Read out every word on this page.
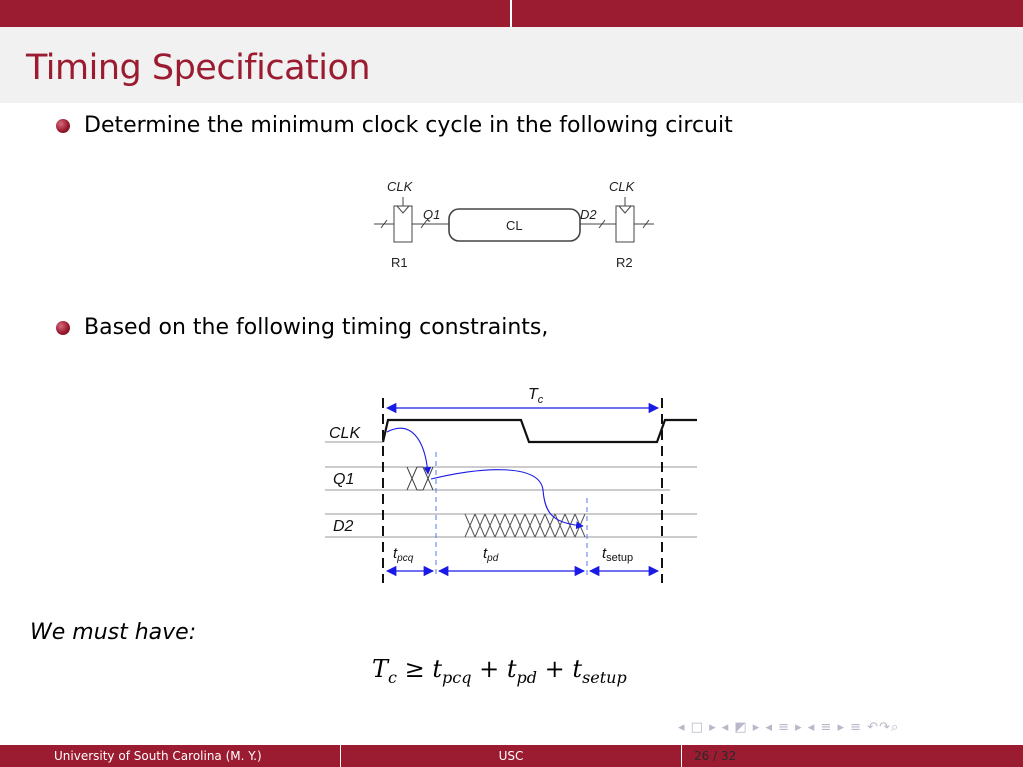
Timing Specification
Determine the minimum clock cycle in the following circuit
CLK	CLK
Q1	D2
CL
R1	R2
Based on the following timing constraints,
$T_c$
CLK
Q1
D2
$t_{pcq}$	$t_{pd}$	$t_{setup}$
We must have:
$T_c \ge t_{pcq} + t_{pd} + t_{setup}$
◂ □ ▸ ◂ ◩ ▸ ◂ ≡ ▸ ◂ ≡ ▸ ≡ ↶↷⌕
University of South Carolina (M. Y.)	USC	26 / 32
